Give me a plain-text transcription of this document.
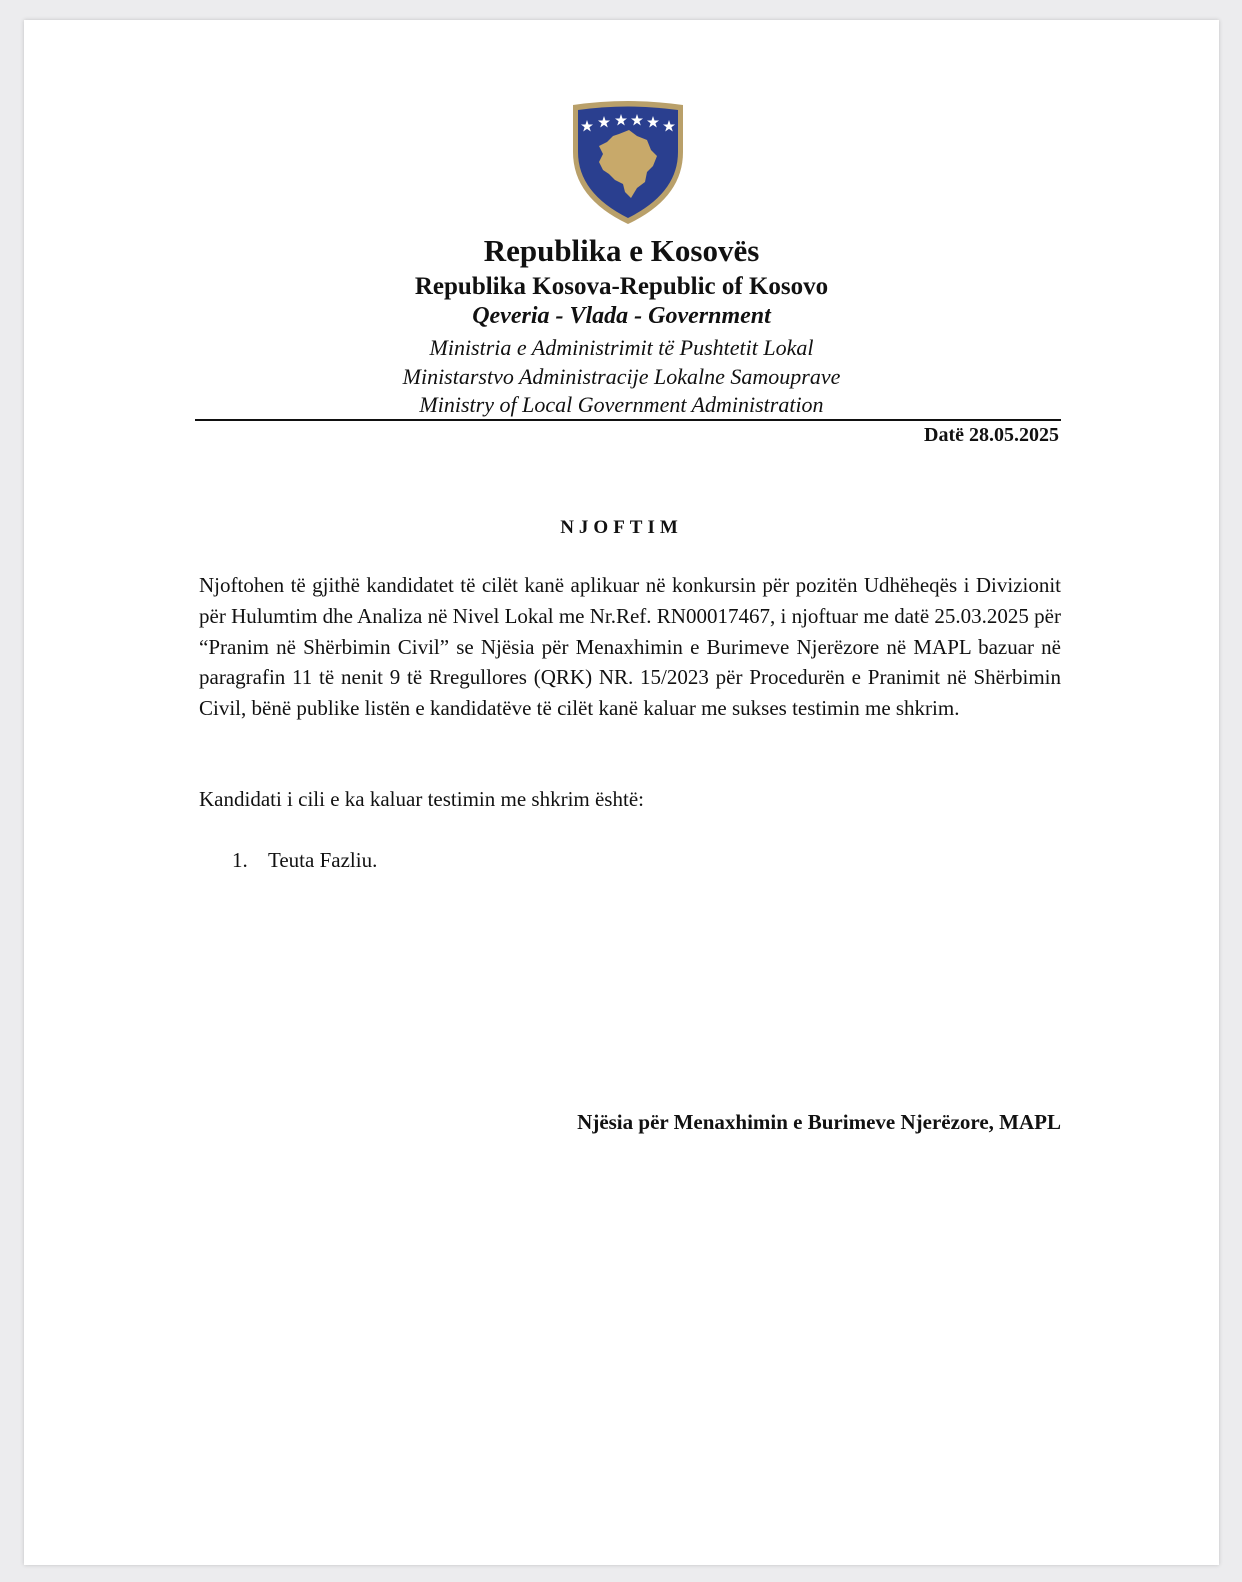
Republika e Kosovës
Republika Kosova-Republic of Kosovo
Qeveria - Vlada - Government
Ministria e Administrimit të Pushtetit Lokal
Ministarstvo Administracije Lokalne Samouprave
Ministry of Local Government Administration
Datë 28.05.2025
NJOFTIM

Njoftohen të gjithë kandidatet të cilët kanë aplikuar në konkursin për pozitën Udhëheqës i Divizionit për Hulumtim dhe Analiza në Nivel Lokal me Nr.Ref. RN00017467, i njoftuar me datë 25.03.2025 për “Pranim në Shërbimin Civil” se Njësia për Menaxhimin e Burimeve Njerëzore në MAPL bazuar në paragrafin 11 të nenit 9 të Rregullores (QRK) NR. 15/2023 për Procedurën e Pranimit në Shërbimin Civil, bënë publike listën e kandidatëve të cilët kanë kaluar me sukses testimin me shkrim.

Kandidati i cili e ka kaluar testimin me shkrim është:
1. Teuta Fazliu.
Njësia për Menaxhimin e Burimeve Njerëzore, MAPL
